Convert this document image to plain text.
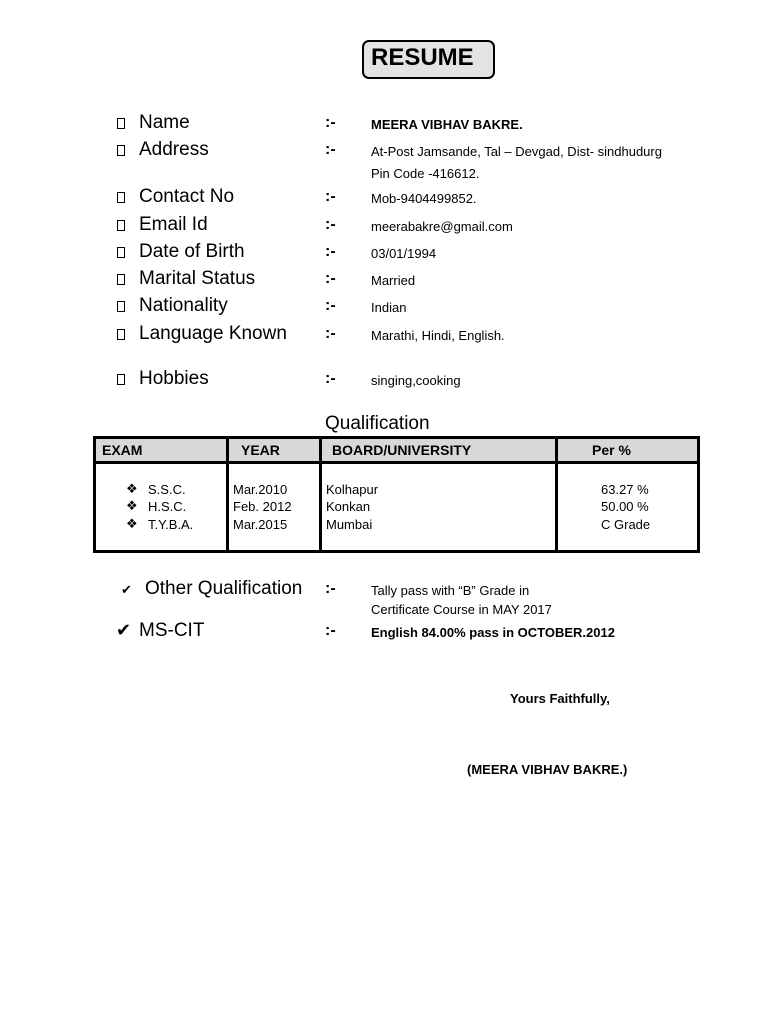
RESUME
Name	:-	MEERA VIBHAV BAKRE.
Address	:-	At-Post Jamsande, Tal – Devgad, Dist- sindhudurg
Pin Code -416612.
Contact No	:-	Mob-9404499852.
Email Id	:-	meerabakre@gmail.com
Date of Birth	:-	03/01/1994
Marital Status	:-	Married
Nationality	:-	Indian
Language Known :-	Marathi, Hindi, English.
Hobbies	:-	singing,cooking
Qualification
EXAM	YEAR	BOARD/UNIVERSITY	Per %
❖ S.S.C.	Mar.2010	Kolhapur	63.27 %
❖ H.S.C.	Feb. 2012	Konkan	50.00 %
❖ T.Y.B.A.	Mar.2015	Mumbai	C Grade
✔ Other Qualification :-	Tally pass with “B” Grade in
Certificate Course in MAY 2017
✔ MS-CIT	:-	English 84.00% pass in OCTOBER.2012
Yours Faithfully,
(MEERA VIBHAV BAKRE.)
